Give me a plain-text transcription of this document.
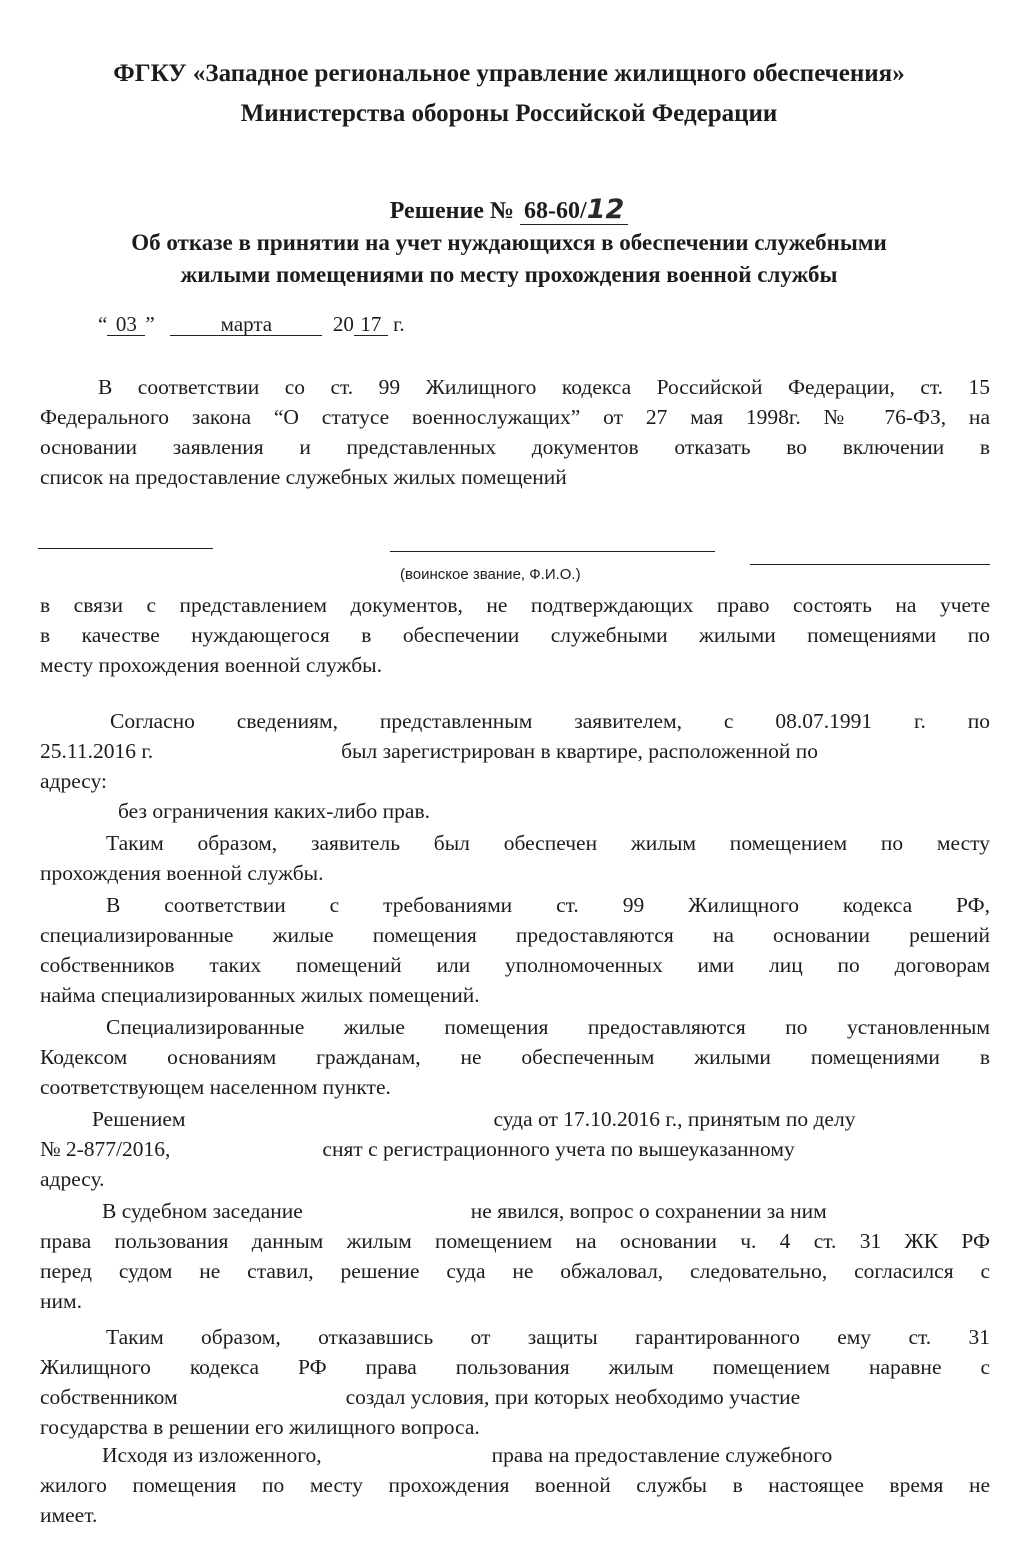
ФГКУ «Западное региональное управление жилищного обеспечения»
Министерства обороны Российской Федерации
Решение № 68-60/12
Об отказе в принятии на учет нуждающихся в обеспечении служебными
жилыми помещениями по месту прохождения военной службы
“ 03 ”	марта	20 17 г.
В соответствии со ст. 99 Жилищного кодекса Российской Федерации, ст. 15
Федерального закона “О статусе военнослужащих” от 27 мая 1998г. № 76-ФЗ, на
основании заявления и представленных документов отказать во включении в
список на предоставление служебных жилых помещений
(воинское звание, Ф.И.О.)
в связи с представлением документов, не подтверждающих право состоять на учете
в качестве нуждающегося в обеспечении служебными жилыми помещениями по
месту прохождения военной службы.
Согласно сведениям, представленным заявителем, с 08.07.1991 г. по
25.11.2016 г.	был зарегистрирован в квартире, расположенной по
адресу:
без ограничения каких-либо прав.
Таким образом, заявитель был обеспечен жилым помещением по месту
прохождения военной службы.
В соответствии с требованиями ст. 99 Жилищного кодекса РФ,
специализированные жилые помещения предоставляются на основании решений
собственников таких помещений или уполномоченных ими лиц по договорам
найма специализированных жилых помещений.
Специализированные жилые помещения предоставляются по установленным
Кодексом основаниям гражданам, не обеспеченным жилыми помещениями в
соответствующем населенном пункте.
Решением	суда от 17.10.2016 г., принятым по делу
№ 2-877/2016,	снят с регистрационного учета по вышеуказанному
адресу.
В судебном заседание	не явился, вопрос о сохранении за ним
права пользования данным жилым помещением на основании ч. 4 ст. 31 ЖК РФ
перед судом не ставил, решение суда не обжаловал, следовательно, согласился с
ним.
Таким образом, отказавшись от защиты гарантированного ему ст. 31
Жилищного кодекса РФ права пользования жилым помещением наравне с
собственником	создал условия, при которых необходимо участие
государства в решении его жилищного вопроса.
Исходя из изложенного,	права на предоставление служебного
жилого помещения по месту прохождения военной службы в настоящее время не
имеет.
